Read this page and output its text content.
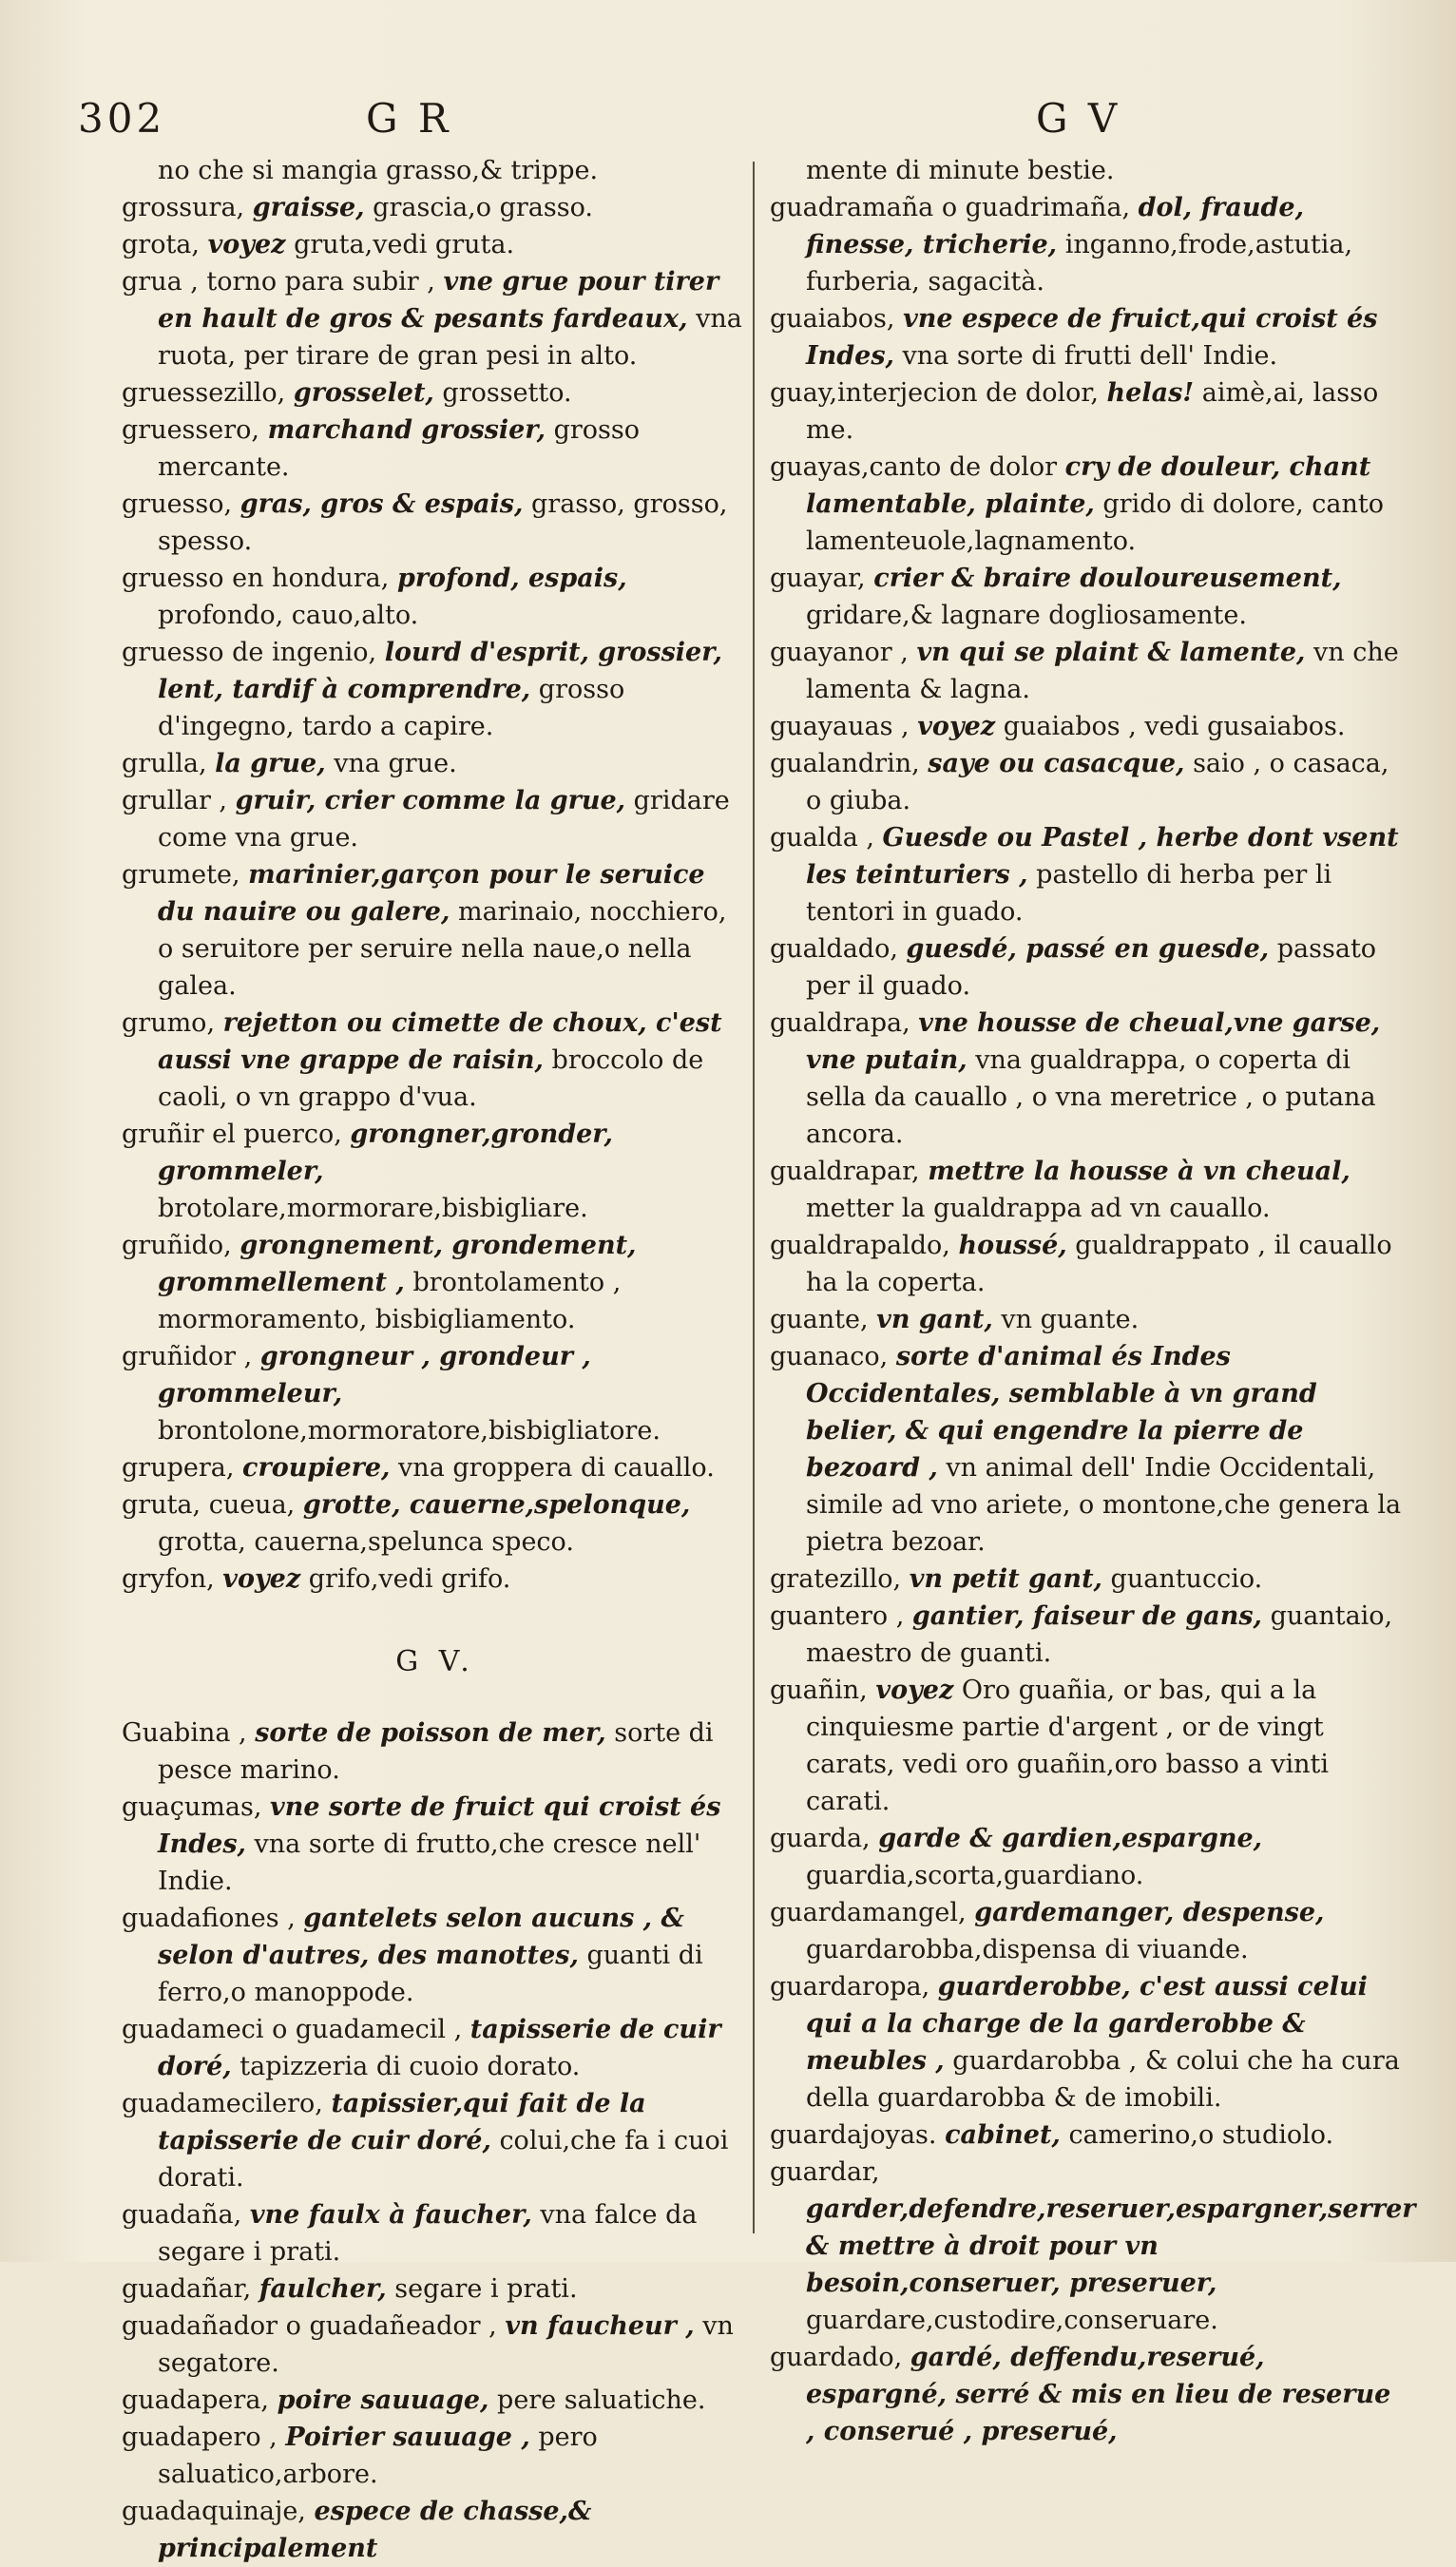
302	G R	G V

no che si mangia grasso,& trippe.

grossura, graisse, grascia,o grasso.

grota, voyez gruta,vedi gruta.

grua , torno para subir , vne grue pour tirer en hault de gros & pesants fardeaux, vna ruota, per tirare de gran pesi in alto.

gruessezillo, grosselet, grossetto.

gruessero, marchand grossier, grosso mercante.

gruesso, gras, gros & espais, grasso, grosso, spesso.

gruesso en hondura, profond, espais, profondo, cauo,alto.

gruesso de ingenio, lourd d'esprit, grossier, lent, tardif à comprendre, grosso d'ingegno, tardo a capire.

grulla, la grue, vna grue.

grullar , gruir, crier comme la grue, gridare come vna grue.

grumete, marinier,garçon pour le seruice du nauire ou galere, marinaio, nocchiero, o seruitore per seruire nella naue,o nella galea.

grumo, rejetton ou cimette de choux, c'est aussi vne grappe de raisin, broccolo de caoli, o vn grappo d'vua.

gruñir el puerco, grongner,gronder, grommeler, brotolare,mormorare,bisbigliare.

gruñido, grongnement, grondement, grommellement , brontolamento , mormoramento, bisbigliamento.

gruñidor , grongneur , grondeur , grommeleur, brontolone,mormoratore,bisbigliatore.

grupera, croupiere, vna groppera di cauallo.

gruta, cueua, grotte, cauerne,spelonque, grotta, cauerna,spelunca speco.

gryfon, voyez grifo,vedi grifo.

G V.

Guabina , sorte de poisson de mer, sorte di pesce marino.

guaçumas, vne sorte de fruict qui croist és Indes, vna sorte di frutto,che cresce nell' Indie.

guadafiones , gantelets selon aucuns , & selon d'autres, des manottes, guanti di ferro,o manoppode.

guadameci o guadamecil , tapisserie de cuir doré, tapizzeria di cuoio dorato.

guadamecilero, tapissier,qui fait de la tapisserie de cuir doré, colui,che fa i cuoi dorati.

guadaña, vne faulx à faucher, vna falce da segare i prati.

guadañar, faulcher, segare i prati.

guadañador o guadañeador , vn faucheur , vn segatore.

guadapera, poire sauuage, pere saluatiche.

guadapero , Poirier sauuage , pero saluatico,arbore.

guadaquinaje, espece de chasse,& principalement

mente di minute bestie.

guadramaña o guadrimaña, dol, fraude, finesse, tricherie, inganno,frode,astutia, furberia, sagacità.

guaiabos, vne espece de fruict,qui croist és Indes, vna sorte di frutti dell' Indie.

guay,interjecion de dolor, helas! aimè,ai, lasso me.

guayas,canto de dolor cry de douleur, chant lamentable, plainte, grido di dolore, canto lamenteuole,lagnamento.

guayar, crier & braire douloureusement, gridare,& lagnare dogliosamente.

guayanor , vn qui se plaint & lamente, vn che lamenta & lagna.

guayauas , voyez guaiabos , vedi gusaiabos.

gualandrin, saye ou casacque, saio , o casaca, o giuba.

gualda , Guesde ou Pastel , herbe dont vsent les teinturiers , pastello di herba per li tentori in guado.

gualdado, guesdé, passé en guesde, passato per il guado.

gualdrapa, vne housse de cheual,vne garse, vne putain, vna gualdrappa, o coperta di sella da cauallo , o vna meretrice , o putana ancora.

gualdrapar, mettre la housse à vn cheual, metter la gualdrappa ad vn cauallo.

gualdrapaldo, houssé, gualdrappato , il cauallo ha la coperta.

guante, vn gant, vn guante.

guanaco, sorte d'animal és Indes Occidentales, semblable à vn grand belier, & qui engendre la pierre de bezoard , vn animal dell' Indie Occidentali, simile ad vno ariete, o montone,che genera la pietra bezoar.

gratezillo, vn petit gant, guantuccio.

guantero , gantier, faiseur de gans, guantaio, maestro de guanti.

guañin, voyez Oro guañia, or bas, qui a la cinquiesme partie d'argent , or de vingt carats, vedi oro guañin,oro basso a vinti carati.

guarda, garde & gardien,espargne, guardia,scorta,guardiano.

guardamangel, gardemanger, despense, guardarobba,dispensa di viuande.

guardaropa, guarderobbe, c'est aussi celui qui a la charge de la garderobbe & meubles , guardarobba , & colui che ha cura della guardarobba & de imobili.

guardajoyas. cabinet, camerino,o studiolo.

guardar, garder,defendre,reseruer,espargner,serrer & mettre à droit pour vn besoin,conseruer, preseruer, guardare,custodire,conseruare.

guardado, gardé, deffendu,reserué, espargné, serré & mis en lieu de reserue , conserué , preserué,
